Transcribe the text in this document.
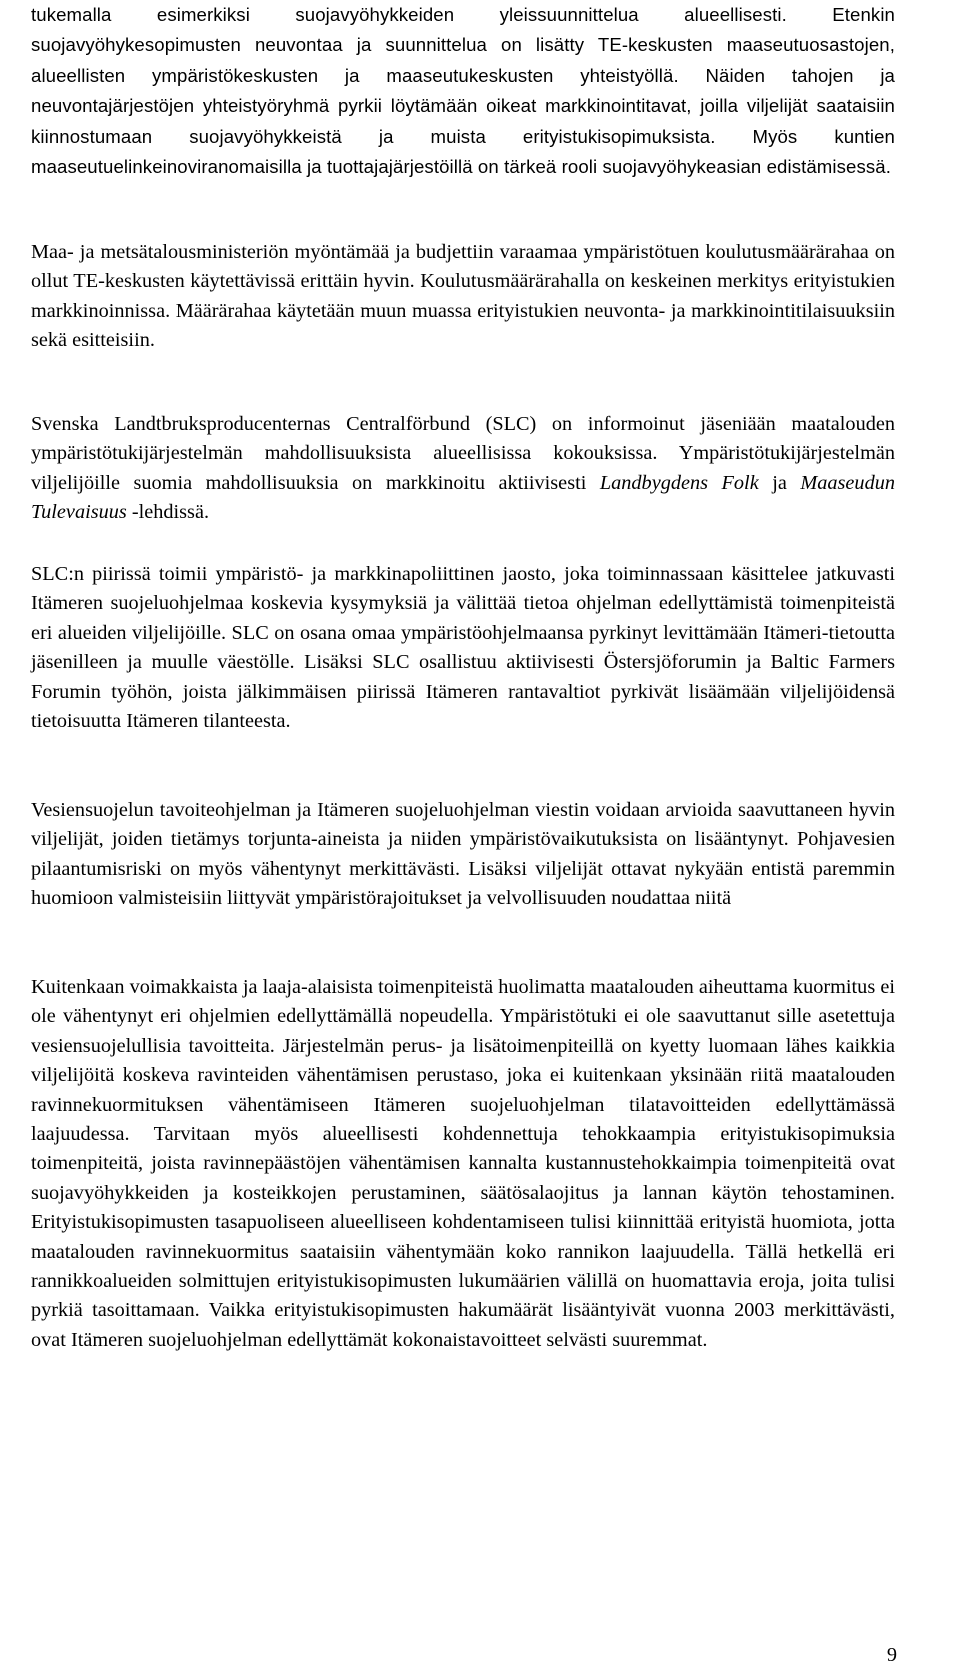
tukemalla esimerkiksi suojavyöhykkeiden yleissuunnittelua alueellisesti. Etenkin suojavyöhykesopimusten neuvontaa ja suunnittelua on lisätty TE-keskusten maaseutuosastojen, alueellisten ympäristökeskusten ja maaseutukeskusten yhteistyöllä. Näiden tahojen ja neuvontajärjestöjen yhteistyöryhmä pyrkii löytämään oikeat markkinointitavat, joilla viljelijät saataisiin kiinnostumaan suojavyöhykkeistä ja muista erityistukisopimuksista. Myös kuntien maaseutuelinkeinoviranomaisilla ja tuottajajärjestöillä on tärkeä rooli suojavyöhykeasian edistämisessä.

Maa- ja metsätalousministeriön myöntämää ja budjettiin varaamaa ympäristötuen koulutusmäärärahaa on ollut TE-keskusten käytettävissä erittäin hyvin. Koulutusmäärärahalla on keskeinen merkitys erityistukien markkinoinnissa. Määrärahaa käytetään muun muassa erityistukien neuvonta- ja markkinointitilaisuuksiin sekä esitteisiin.

Svenska Landtbruksproducenternas Centralförbund (SLC) on informoinut jäseniään maatalouden ympäristötukijärjestelmän mahdollisuuksista alueellisissa kokouksissa. Ympäristötukijärjestelmän viljelijöille suomia mahdollisuuksia on markkinoitu aktiivisesti Landbygdens Folk ja Maaseudun Tulevaisuus -lehdissä.

SLC:n piirissä toimii ympäristö- ja markkinapoliittinen jaosto, joka toiminnassaan käsittelee jatkuvasti Itämeren suojeluohjelmaa koskevia kysymyksiä ja välittää tietoa ohjelman edellyttämistä toimenpiteistä eri alueiden viljelijöille. SLC on osana omaa ympäristöohjelmaansa pyrkinyt levittämään Itämeri-tietoutta jäsenilleen ja muulle väestölle. Lisäksi SLC osallistuu aktiivisesti Östersjöforumin ja Baltic Farmers Forumin työhön, joista jälkimmäisen piirissä Itämeren rantavaltiot pyrkivät lisäämään viljelijöidensä tietoisuutta Itämeren tilanteesta.

Vesiensuojelun tavoiteohjelman ja Itämeren suojeluohjelman viestin voidaan arvioida saavuttaneen hyvin viljelijät, joiden tietämys torjunta-aineista ja niiden ympäristövaikutuksista on lisääntynyt. Pohjavesien pilaantumisriski on myös vähentynyt merkittävästi. Lisäksi viljelijät ottavat nykyään entistä paremmin huomioon valmisteisiin liittyvät ympäristörajoitukset ja velvollisuuden noudattaa niitä

Kuitenkaan voimakkaista ja laaja-alaisista toimenpiteistä huolimatta maatalouden aiheuttama kuormitus ei ole vähentynyt eri ohjelmien edellyttämällä nopeudella. Ympäristötuki ei ole saavuttanut sille asetettuja vesiensuojelullisia tavoitteita. Järjestelmän perus- ja lisätoimenpiteillä on kyetty luomaan lähes kaikkia viljelijöitä koskeva ravinteiden vähentämisen perustaso, joka ei kuitenkaan yksinään riitä maatalouden ravinnekuormituksen vähentämiseen Itämeren suojeluohjelman tilatavoitteiden edellyttämässä laajuudessa. Tarvitaan myös alueellisesti kohdennettuja tehokkaampia erityistukisopimuksia toimenpiteitä, joista ravinnepäästöjen vähentämisen kannalta kustannustehokkaimpia toimenpiteitä ovat suojavyöhykkeiden ja kosteikkojen perustaminen, säätösalaojitus ja lannan käytön tehostaminen. Erityistukisopimusten tasapuoliseen alueelliseen kohdentamiseen tulisi kiinnittää erityistä huomiota, jotta maatalouden ravinnekuormitus saataisiin vähentymään koko rannikon laajuudella. Tällä hetkellä eri rannikkoalueiden solmittujen erityistukisopimusten lukumäärien välillä on huomattavia eroja, joita tulisi pyrkiä tasoittamaan. Vaikka erityistukisopimusten hakumäärät lisääntyivät vuonna 2003 merkittävästi, ovat Itämeren suojeluohjelman edellyttämät kokonaistavoitteet selvästi suuremmat.

9
